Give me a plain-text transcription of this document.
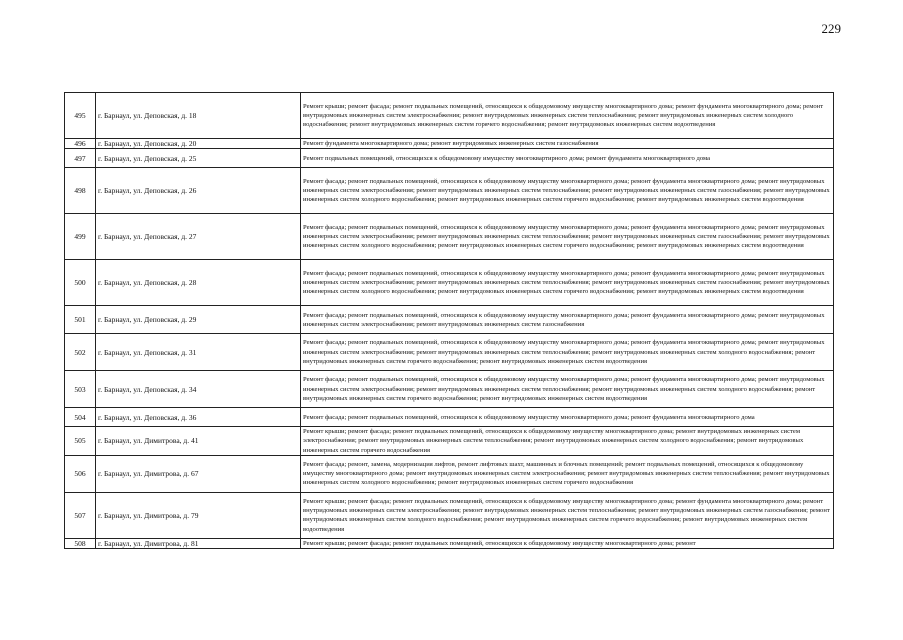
229
495	г. Барнаул, ул. Деповская, д. 18	Ремонт крыши; ремонт фасада; ремонт подвальных помещений, относящихся к общедомовому имуществу многоквартирного дома; ремонт фундамента многоквартирного дома; ремонт внутридомовых инженерных систем электроснабжения; ремонт внутридомовых инженерных систем теплоснабжения; ремонт внутридомовых инженерных систем холодного водоснабжения; ремонт внутридомовых инженерных систем горячего водоснабжения; ремонт внутридомовых инженерных систем водоотведения
496	г. Барнаул, ул. Деповская, д. 20	Ремонт фундамента многоквартирного дома; ремонт внутридомовых инженерных систем газоснабжения
497	г. Барнаул, ул. Деповская, д. 25	Ремонт подвальных помещений, относящихся к общедомовому имуществу многоквартирного дома; ремонт фундамента многоквартирного дома
498	г. Барнаул, ул. Деповская, д. 26	Ремонт фасада; ремонт подвальных помещений, относящихся к общедомовому имуществу многоквартирного дома; ремонт фундамента многоквартирного дома; ремонт внутридомовых инженерных систем электроснабжения; ремонт внутридомовых инженерных систем теплоснабжения; ремонт внутридомовых инженерных систем газоснабжения; ремонт внутридомовых инженерных систем холодного водоснабжения; ремонт внутридомовых инженерных систем горячего водоснабжения; ремонт внутридомовых инженерных систем водоотведения
499	г. Барнаул, ул. Деповская, д. 27	Ремонт фасада; ремонт подвальных помещений, относящихся к общедомовому имуществу многоквартирного дома; ремонт фундамента многоквартирного дома; ремонт внутридомовых инженерных систем электроснабжения; ремонт внутридомовых инженерных систем теплоснабжения; ремонт внутридомовых инженерных систем газоснабжения; ремонт внутридомовых инженерных систем холодного водоснабжения; ремонт внутридомовых инженерных систем горячего водоснабжения; ремонт внутридомовых инженерных систем водоотведения
500	г. Барнаул, ул. Деповская, д. 28	Ремонт фасада; ремонт подвальных помещений, относящихся к общедомовому имуществу многоквартирного дома; ремонт фундамента многоквартирного дома; ремонт внутридомовых инженерных систем электроснабжения; ремонт внутридомовых инженерных систем теплоснабжения; ремонт внутридомовых инженерных систем газоснабжения; ремонт внутридомовых инженерных систем холодного водоснабжения; ремонт внутридомовых инженерных систем горячего водоснабжения; ремонт внутридомовых инженерных систем водоотведения
501	г. Барнаул, ул. Деповская, д. 29	Ремонт фасада; ремонт подвальных помещений, относящихся к общедомовому имуществу многоквартирного дома; ремонт фундамента многоквартирного дома; ремонт внутридомовых инженерных систем электроснабжения; ремонт внутридомовых инженерных систем газоснабжения
502	г. Барнаул, ул. Деповская, д. 31	Ремонт фасада; ремонт подвальных помещений, относящихся к общедомовому имуществу многоквартирного дома; ремонт фундамента многоквартирного дома; ремонт внутридомовых инженерных систем электроснабжения; ремонт внутридомовых инженерных систем теплоснабжения; ремонт внутридомовых инженерных систем холодного водоснабжения; ремонт внутридомовых инженерных систем горячего водоснабжения; ремонт внутридомовых инженерных систем водоотведения
503	г. Барнаул, ул. Деповская, д. 34	Ремонт фасада; ремонт подвальных помещений, относящихся к общедомовому имуществу многоквартирного дома; ремонт фундамента многоквартирного дома; ремонт внутридомовых инженерных систем электроснабжения; ремонт внутридомовых инженерных систем теплоснабжения; ремонт внутридомовых инженерных систем холодного водоснабжения; ремонт внутридомовых инженерных систем горячего водоснабжения; ремонт внутридомовых инженерных систем водоотведения
504	г. Барнаул, ул. Деповская, д. 36	Ремонт фасада; ремонт подвальных помещений, относящихся к общедомовому имуществу многоквартирного дома; ремонт фундамента многоквартирного дома
505	г. Барнаул, ул. Димитрова, д. 41	Ремонт крыши; ремонт фасада; ремонт подвальных помещений, относящихся к общедомовому имуществу многоквартирного дома; ремонт внутридомовых инженерных систем электроснабжения; ремонт внутридомовых инженерных систем теплоснабжения; ремонт внутридомовых инженерных систем холодного водоснабжения; ремонт внутридомовых инженерных систем горячего водоснабжения
506	г. Барнаул, ул. Димитрова, д. 67	Ремонт фасада; ремонт, замена, модернизация лифтов, ремонт лифтовых шахт, машинных и блочных помещений; ремонт подвальных помещений, относящихся к общедомовому имуществу многоквартирного дома; ремонт внутридомовых инженерных систем электроснабжения; ремонт внутридомовых инженерных систем теплоснабжения; ремонт внутридомовых инженерных систем холодного водоснабжения; ремонт внутридомовых инженерных систем горячего водоснабжения
507	г. Барнаул, ул. Димитрова, д. 79	Ремонт крыши; ремонт фасада; ремонт подвальных помещений, относящихся к общедомовому имуществу многоквартирного дома; ремонт фундамента многоквартирного дома; ремонт внутридомовых инженерных систем электроснабжения; ремонт внутридомовых инженерных систем теплоснабжения; ремонт внутридомовых инженерных систем газоснабжения; ремонт внутридомовых инженерных систем холодного водоснабжения; ремонт внутридомовых инженерных систем горячего водоснабжения; ремонт внутридомовых инженерных систем водоотведения
508	г. Барнаул, ул. Димитрова, д. 81	Ремонт крыши; ремонт фасада; ремонт подвальных помещений, относящихся к общедомовому имуществу многоквартирного дома; ремонт
